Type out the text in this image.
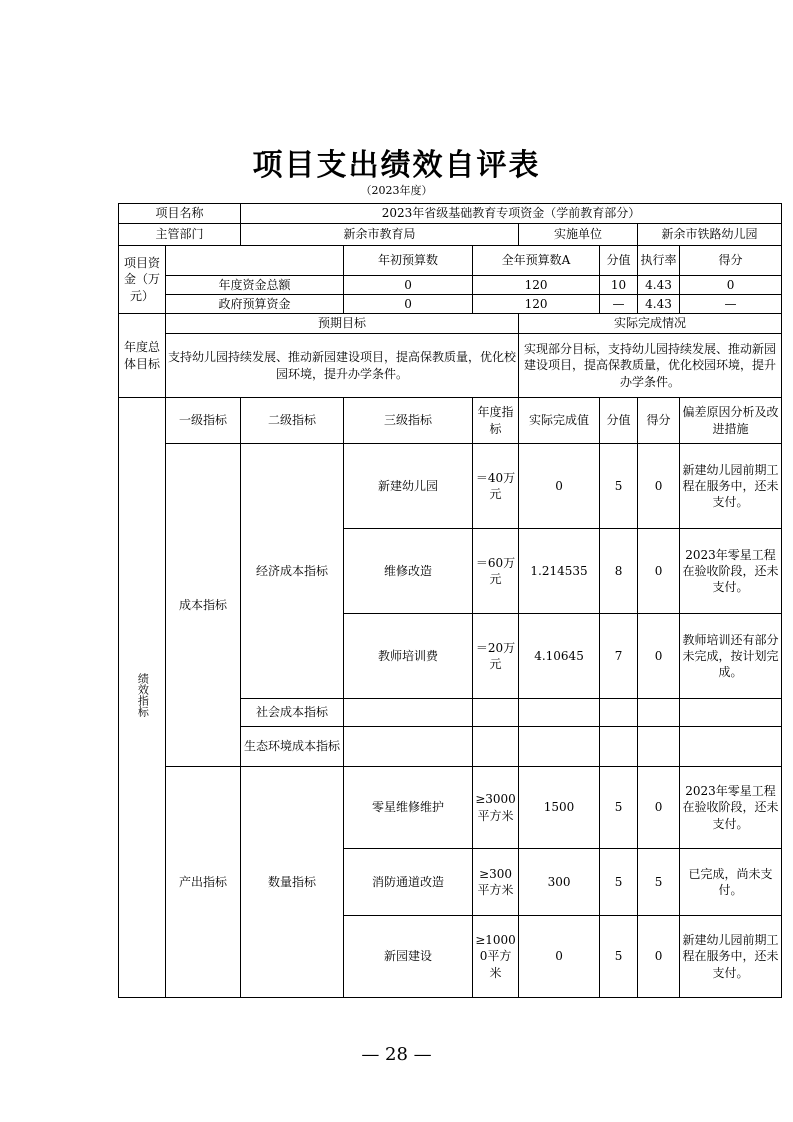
项目支出绩效自评表
（2023年度）
项目名称		2023年省级基础教育专项资金（学前教育部分）						
主管部门		新余市教育局			实施单位		新余市铁路幼儿园	
项目资金（万元）			年初预算数	全年预算数A		分值	执行率	得分
	年度资金总额		0	120		10	4.43	0
	政府预算资金		0	120		—	4.43	—
年度总体目标	预期目标				实际完成情况			
	支持幼儿园持续发展、推动新园建设项目，提高保教质量，优化校园环境，提升办学条件。				实现部分目标，支持幼儿园持续发展、推动新园建设项目，提高保教质量，优化校园环境，提升办学条件。			
绩效指标	一级指标	二级指标	三级指标	年度指标	实际完成值	分值	得分	偏差原因分析及改进措施
	成本指标	经济成本指标	新建幼儿园	＝40万元	0	5	0	新建幼儿园前期工程在服务中，还未支付。
			维修改造	＝60万元	1.214535	8	0	2023年零星工程在验收阶段，还未支付。
			教师培训费	＝20万元	4.10645	7	0	教师培训还有部分未完成，按计划完成。
		社会成本指标						
		生态环境成本指标						
	产出指标	数量指标	零星维修维护	≥3000平方米	1500	5	0	2023年零星工程在验收阶段，还未支付。
			消防通道改造	≥300平方米	300	5	5	已完成，尚未支付。
			新园建设	≥10000平方米	0	5	0	新建幼儿园前期工程在服务中，还未支付。
— 28 —
